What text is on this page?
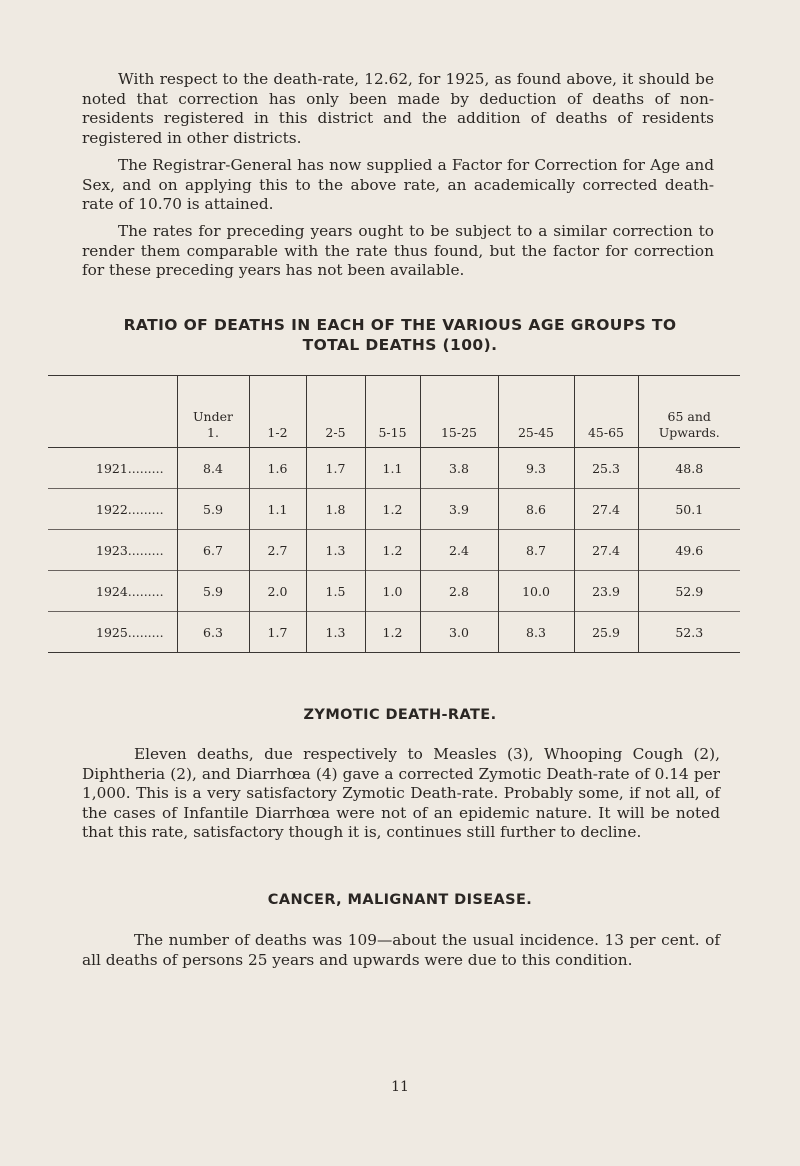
With respect to the death-rate, 12.62, for 1925, as found above, it should be noted that correction has only been made by deduction of deaths of non-residents registered in this district and the addition of deaths of residents registered in other districts.

The Registrar-General has now supplied a Factor for Correction for Age and Sex, and on applying this to the above rate, an academically corrected death-rate of 10.70 is attained.

The rates for preceding years ought to be subject to a similar correction to render them comparable with the rate thus found, but the factor for correction for these preceding years has not been available.

RATIO OF DEATHS IN EACH OF THE VARIOUS AGE GROUPS TO
TOTAL DEATHS (100).

	Under
1.	1-2	2-5	5-15	15-25	25-45	45-65	65 and
Upwards.
1921.........	8.4	1.6	1.7	1.1	3.8	9.3	25.3	48.8
1922.........	5.9	1.1	1.8	1.2	3.9	8.6	27.4	50.1
1923.........	6.7	2.7	1.3	1.2	2.4	8.7	27.4	49.6
1924.........	5.9	2.0	1.5	1.0	2.8	10.0	23.9	52.9
1925.........	6.3	1.7	1.3	1.2	3.0	8.3	25.9	52.3

ZYMOTIC DEATH-RATE.

Eleven deaths, due respectively to Measles (3), Whooping Cough (2), Diphtheria (2), and Diarrhœa (4) gave a corrected Zymotic Death-rate of 0.14 per 1,000. This is a very satisfactory Zymotic Death-rate. Probably some, if not all, of the cases of Infantile Diarrhœa were not of an epidemic nature. It will be noted that this rate, satisfactory though it is, continues still further to decline.

CANCER, MALIGNANT DISEASE.

The number of deaths was 109—about the usual incidence. 13 per cent. of all deaths of persons 25 years and upwards were due to this condition.

11
